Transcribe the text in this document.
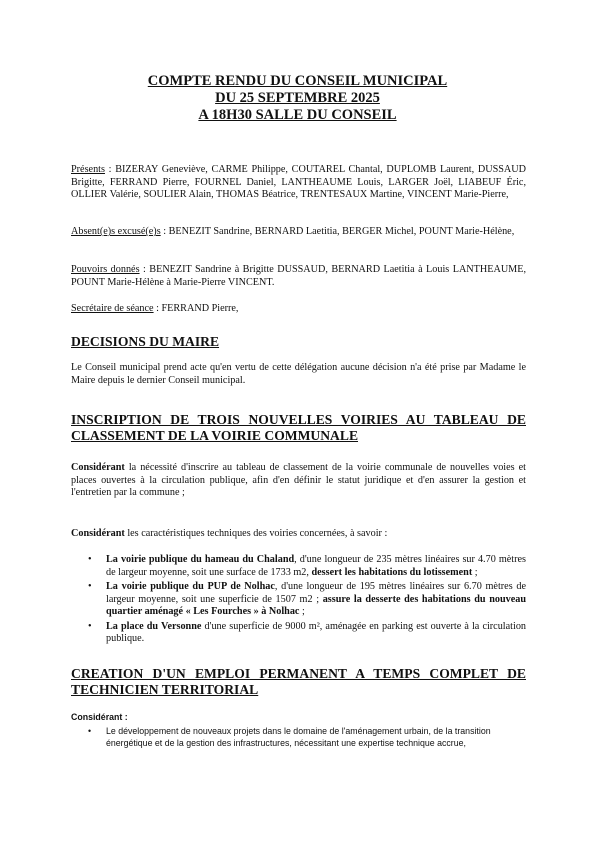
COMPTE RENDU DU CONSEIL MUNICIPAL
DU 25 SEPTEMBRE 2025
A 18H30 SALLE DU CONSEIL
Présents : BIZERAY Geneviève, CARME Philippe, COUTAREL Chantal, DUPLOMB Laurent, DUSSAUD Brigitte, FERRAND Pierre, FOURNEL Daniel, LANTHEAUME Louis, LARGER Joël, LIABEUF Éric, OLLIER Valérie, SOULIER Alain, THOMAS Béatrice, TRENTESAUX Martine, VINCENT Marie-Pierre,
Absent(e)s excusé(e)s : BENEZIT Sandrine, BERNARD Laetitia, BERGER Michel, POUNT Marie-Hélène,
Pouvoirs donnés : BENEZIT Sandrine à Brigitte DUSSAUD, BERNARD Laetitia à Louis LANTHEAUME, POUNT Marie-Hélène à Marie-Pierre VINCENT.
Secrétaire de séance : FERRAND Pierre,
DECISIONS DU MAIRE
Le Conseil municipal prend acte qu'en vertu de cette délégation aucune décision n'a été prise par Madame le Maire depuis le dernier Conseil municipal.
INSCRIPTION DE TROIS NOUVELLES VOIRIES AU TABLEAU DE CLASSEMENT DE LA VOIRIE COMMUNALE
Considérant la nécessité d'inscrire au tableau de classement de la voirie communale de nouvelles voies et places ouvertes à la circulation publique, afin d'en définir le statut juridique et d'en assurer la gestion et l'entretien par la commune ;
Considérant les caractéristiques techniques des voiries concernées, à savoir :
• La voirie publique du hameau du Chaland, d'une longueur de 235 mètres linéaires sur 4.70 mètres de largeur moyenne, soit une surface de 1733 m2, dessert les habitations du lotissement ;
• La voirie publique du PUP de Nolhac, d'une longueur de 195 mètres linéaires sur 6.70 mètres de largeur moyenne, soit une superficie de 1507 m2 ; assure la desserte des habitations du nouveau quartier aménagé « Les Fourches » à Nolhac ;
• La place du Versonne d'une superficie de 9000 m², aménagée en parking est ouverte à la circulation publique.
CREATION D'UN EMPLOI PERMANENT A TEMPS COMPLET DE TECHNICIEN TERRITORIAL
Considérant :
• Le développement de nouveaux projets dans le domaine de l'aménagement urbain, de la transition énergétique et de la gestion des infrastructures, nécessitant une expertise technique accrue,
